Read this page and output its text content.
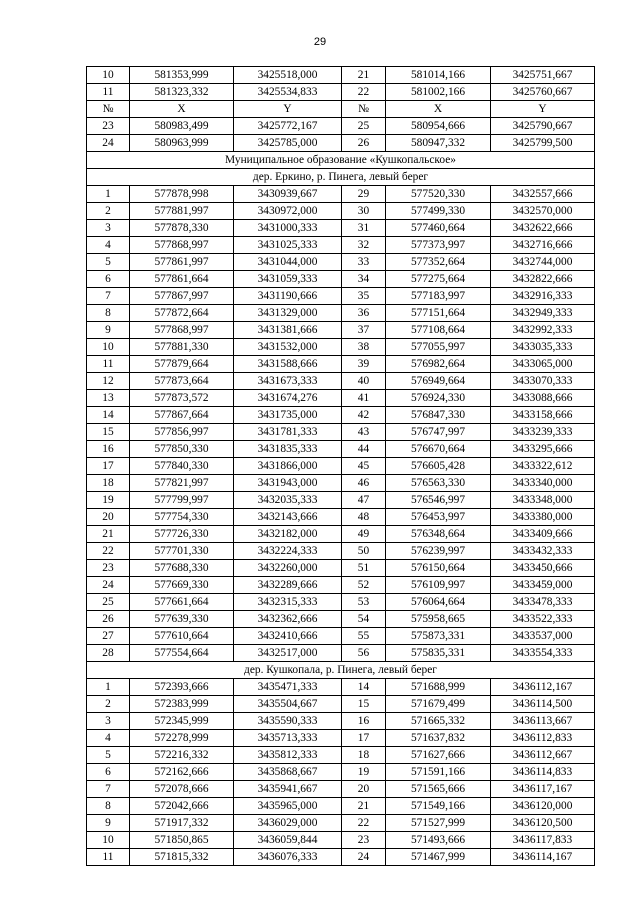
29
10	581353,999	3425518,000	21	581014,166	3425751,667
11	581323,332	3425534,833	22	581002,166	3425760,667
№	X	Y	№	X	Y
23	580983,499	3425772,167	25	580954,666	3425790,667
24	580963,999	3425785,000	26	580947,332	3425799,500
Муниципальное образование «Кушкопальское»					
дер. Еркино, р. Пинега, левый берег					
1	577878,998	3430939,667	29	577520,330	3432557,666
2	577881,997	3430972,000	30	577499,330	3432570,000
3	577878,330	3431000,333	31	577460,664	3432622,666
4	577868,997	3431025,333	32	577373,997	3432716,666
5	577861,997	3431044,000	33	577352,664	3432744,000
6	577861,664	3431059,333	34	577275,664	3432822,666
7	577867,997	3431190,666	35	577183,997	3432916,333
8	577872,664	3431329,000	36	577151,664	3432949,333
9	577868,997	3431381,666	37	577108,664	3432992,333
10	577881,330	3431532,000	38	577055,997	3433035,333
11	577879,664	3431588,666	39	576982,664	3433065,000
12	577873,664	3431673,333	40	576949,664	3433070,333
13	577873,572	3431674,276	41	576924,330	3433088,666
14	577867,664	3431735,000	42	576847,330	3433158,666
15	577856,997	3431781,333	43	576747,997	3433239,333
16	577850,330	3431835,333	44	576670,664	3433295,666
17	577840,330	3431866,000	45	576605,428	3433322,612
18	577821,997	3431943,000	46	576563,330	3433340,000
19	577799,997	3432035,333	47	576546,997	3433348,000
20	577754,330	3432143,666	48	576453,997	3433380,000
21	577726,330	3432182,000	49	576348,664	3433409,666
22	577701,330	3432224,333	50	576239,997	3433432,333
23	577688,330	3432260,000	51	576150,664	3433450,666
24	577669,330	3432289,666	52	576109,997	3433459,000
25	577661,664	3432315,333	53	576064,664	3433478,333
26	577639,330	3432362,666	54	575958,665	3433522,333
27	577610,664	3432410,666	55	575873,331	3433537,000
28	577554,664	3432517,000	56	575835,331	3433554,333
дер. Кушкопала, р. Пинега, левый берег					
1	572393,666	3435471,333	14	571688,999	3436112,167
2	572383,999	3435504,667	15	571679,499	3436114,500
3	572345,999	3435590,333	16	571665,332	3436113,667
4	572278,999	3435713,333	17	571637,832	3436112,833
5	572216,332	3435812,333	18	571627,666	3436112,667
6	572162,666	3435868,667	19	571591,166	3436114,833
7	572078,666	3435941,667	20	571565,666	3436117,167
8	572042,666	3435965,000	21	571549,166	3436120,000
9	571917,332	3436029,000	22	571527,999	3436120,500
10	571850,865	3436059,844	23	571493,666	3436117,833
11	571815,332	3436076,333	24	571467,999	3436114,167
